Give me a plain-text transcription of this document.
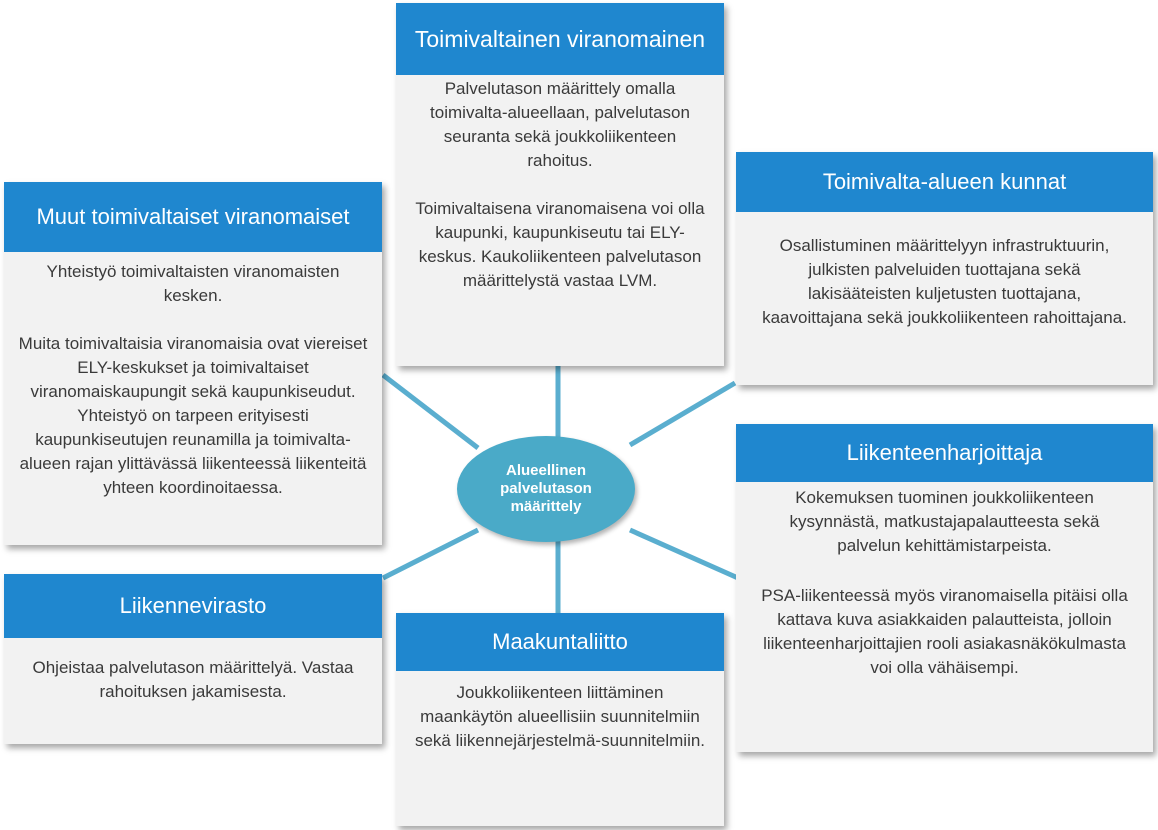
Toimivaltainen viranomainen

Palvelutason määrittely omalla toimivalta-alueellaan, palvelutason seuranta sekä joukkoliikenteen rahoitus.

Toimivaltaisena viranomaisena voi olla kaupunki, kaupunkiseutu tai ELY-keskus. Kaukoliikenteen palvelutason määrittelystä vastaa LVM.

Toimivalta-alueen kunnat

Osallistuminen määrittelyyn infrastruktuurin, julkisten palveluiden tuottajana sekä lakisääteisten kuljetusten tuottajana, kaavoittajana sekä joukkoliikenteen rahoittajana.

Muut toimivaltaiset viranomaiset

Yhteistyö toimivaltaisten viranomaisten kesken.

Muita toimivaltaisia viranomaisia ovat viereiset ELY-keskukset ja toimivaltaiset viranomaiskaupungit sekä kaupunkiseudut. Yhteistyö on tarpeen erityisesti kaupunkiseutujen reunamilla ja toimivalta-alueen rajan ylittävässä liikenteessä liikenteitä yhteen koordinoitaessa.

Liikenteenharjoittaja

Kokemuksen tuominen joukkoliikenteen kysynnästä, matkustajapalautteesta sekä palvelun kehittämistarpeista.

PSA-liikenteessä myös viranomaisella pitäisi olla kattava kuva asiakkaiden palautteista, jolloin liikenteenharjoittajien rooli asiakasnäkökulmasta voi olla vähäisempi.

Liikennevirasto

Ohjeistaa palvelutason määrittelyä. Vastaa rahoituksen jakamisesta.

Maakuntaliitto

Joukkoliikenteen liittäminen maankäytön alueellisiin suunnitelmiin sekä liikennejärjestelmä-suunnitelmiin.

Alueellinen palvelutason määrittely
